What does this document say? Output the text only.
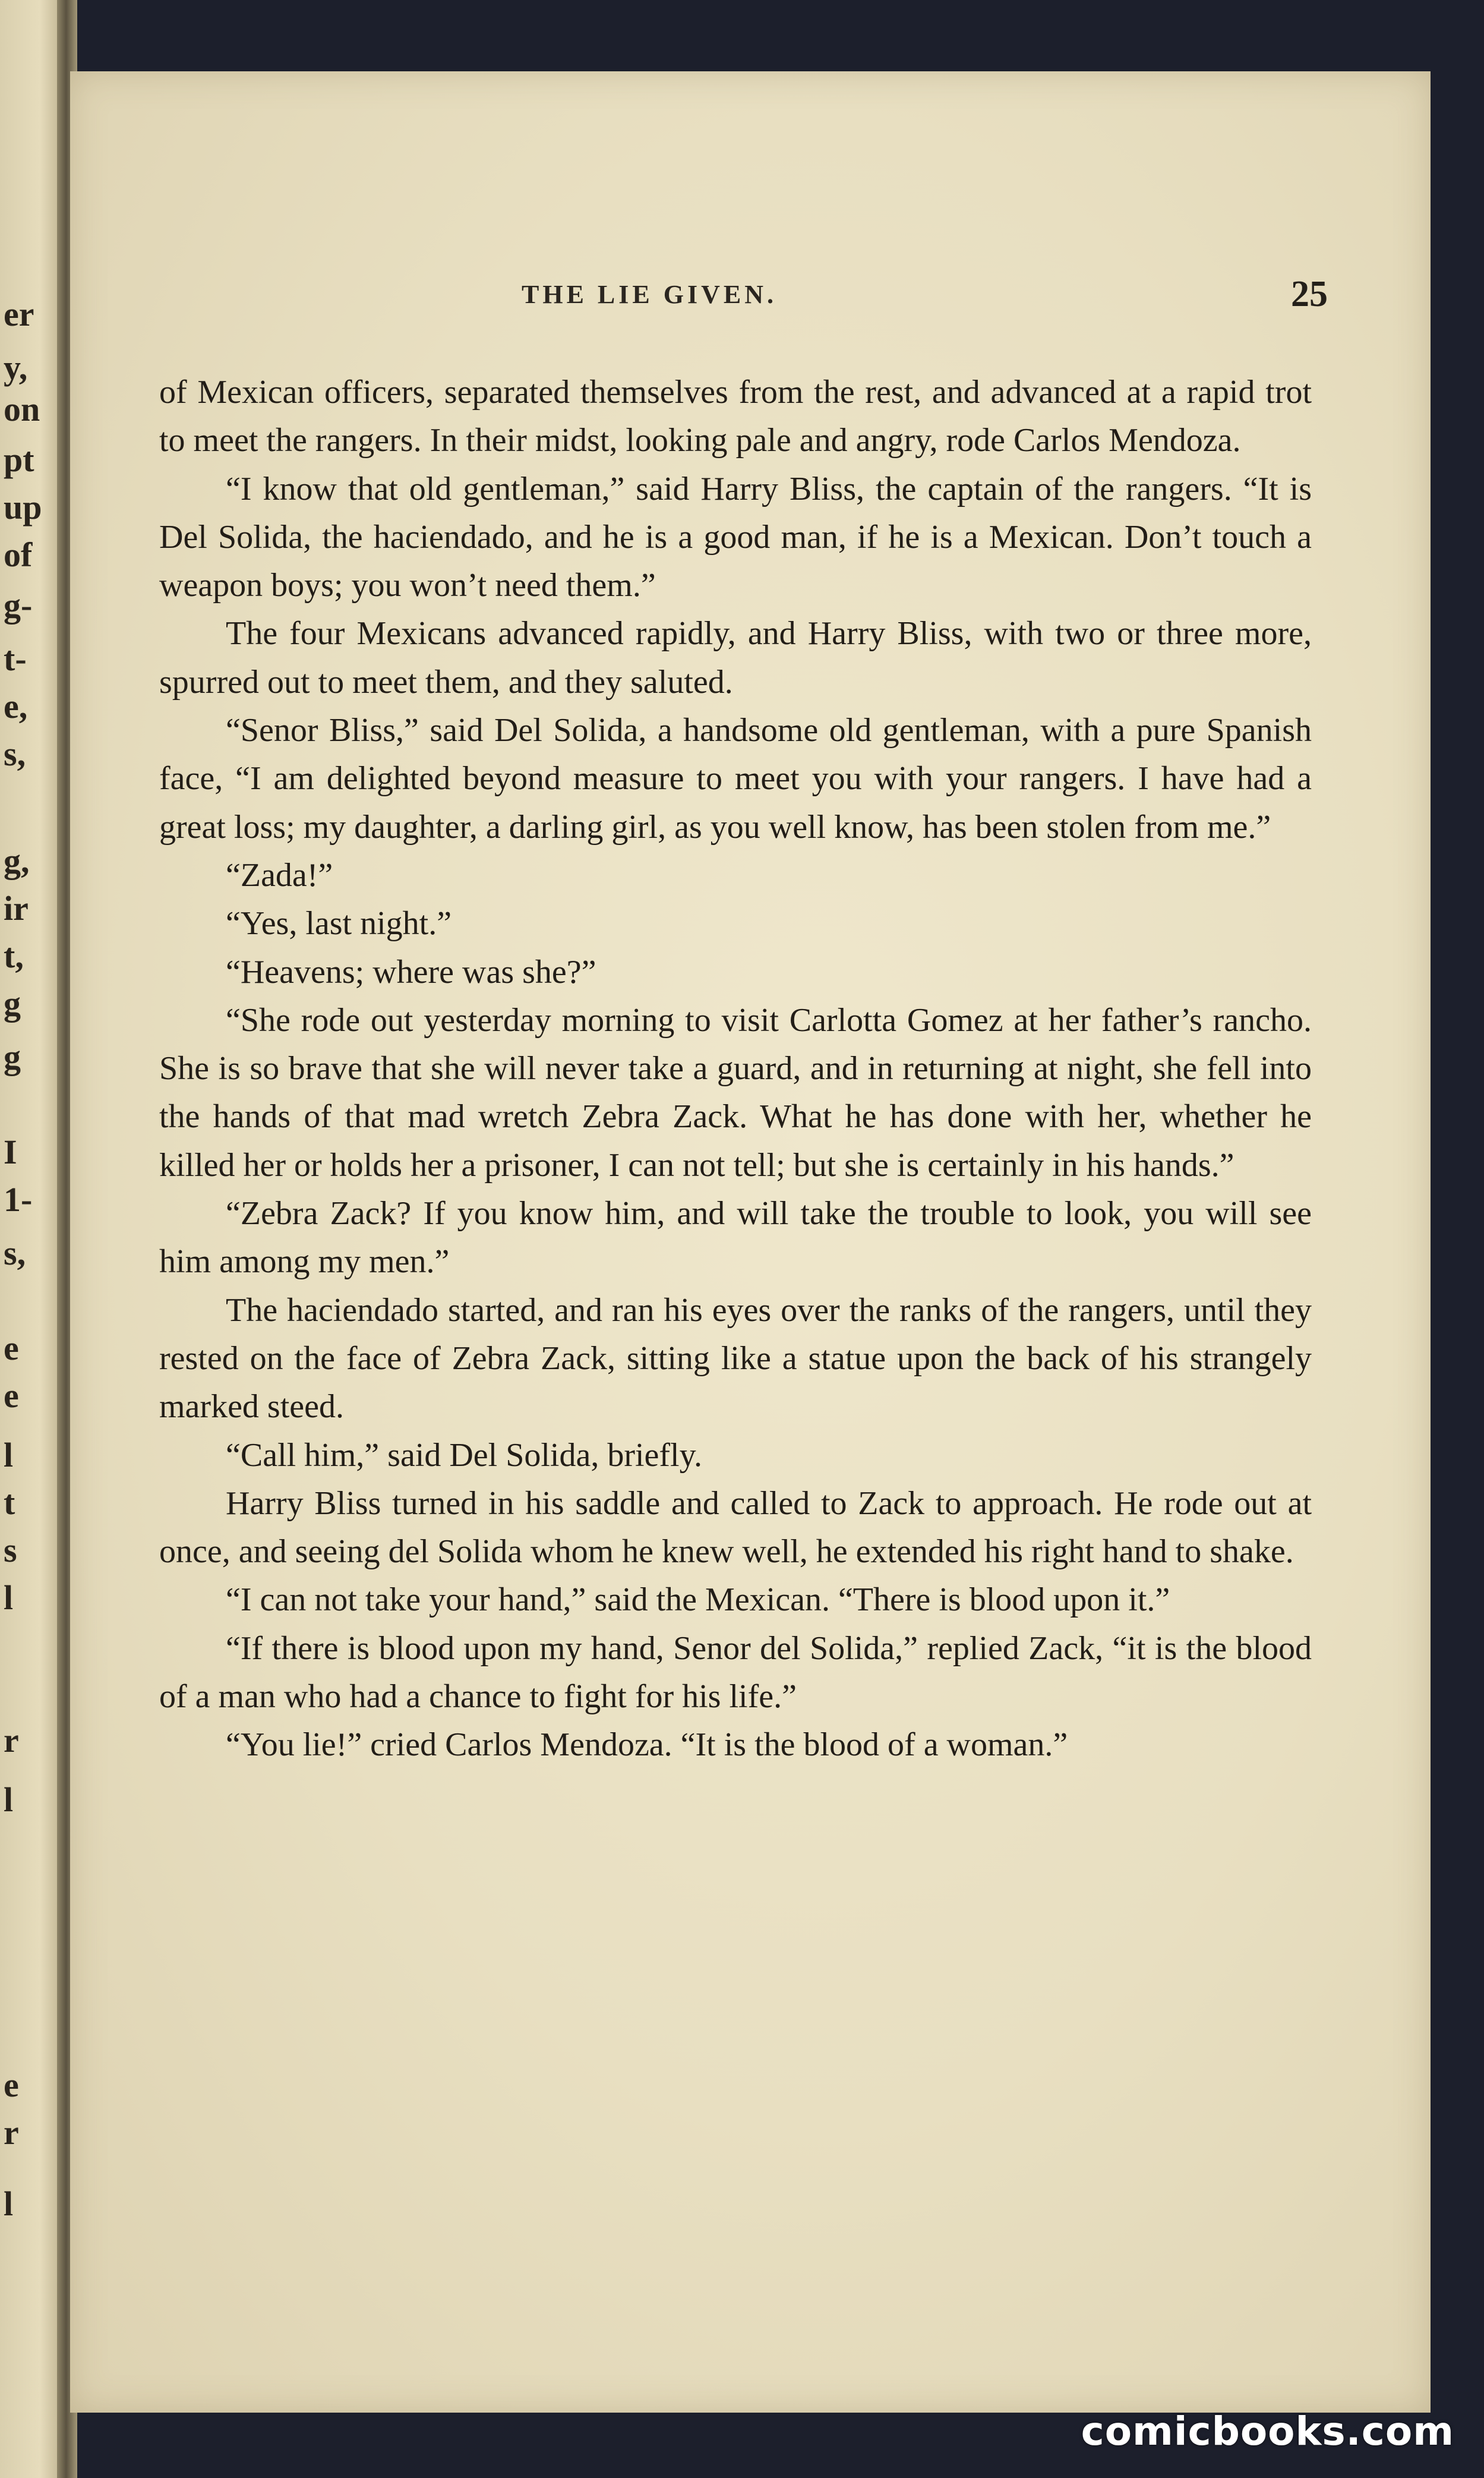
er
y,
on
pt
up
of
g-
t-
e,
s,
g,
ir
t,
g
g
I
1-
s,
e
e
l
t
s
l
r
l
e
r
l
THE LIE GIVEN.	25

of Mexican officers, separated themselves from the rest, and advanced at a rapid trot to meet the rangers. In their midst, looking pale and angry, rode Carlos Mendoza.

“I know that old gentleman,” said Harry Bliss, the captain of the rangers. “It is Del Solida, the haciendado, and he is a good man, if he is a Mexican. Don’t touch a weapon boys; you won’t need them.”

The four Mexicans advanced rapidly, and Harry Bliss, with two or three more, spurred out to meet them, and they saluted.

“Senor Bliss,” said Del Solida, a handsome old gentleman, with a pure Spanish face, “I am delighted beyond measure to meet you with your rangers. I have had a great loss; my daughter, a darling girl, as you well know, has been stolen from me.”

“Zada!”

“Yes, last night.”

“Heavens; where was she?”

“She rode out yesterday morning to visit Carlotta Gomez at her father’s rancho. She is so brave that she will never take a guard, and in returning at night, she fell into the hands of that mad wretch Zebra Zack. What he has done with her, whether he killed her or holds her a prisoner, I can not tell; but she is certainly in his hands.”

“Zebra Zack? If you know him, and will take the trouble to look, you will see him among my men.”

The haciendado started, and ran his eyes over the ranks of the rangers, until they rested on the face of Zebra Zack, sitting like a statue upon the back of his strangely marked steed.

“Call him,” said Del Solida, briefly.

Harry Bliss turned in his saddle and called to Zack to approach. He rode out at once, and seeing del Solida whom he knew well, he extended his right hand to shake.

“I can not take your hand,” said the Mexican. “There is blood upon it.”

“If there is blood upon my hand, Senor del Solida,” replied Zack, “it is the blood of a man who had a chance to fight for his life.”

“You lie!” cried Carlos Mendoza. “It is the blood of a woman.”

comicbooks.com
